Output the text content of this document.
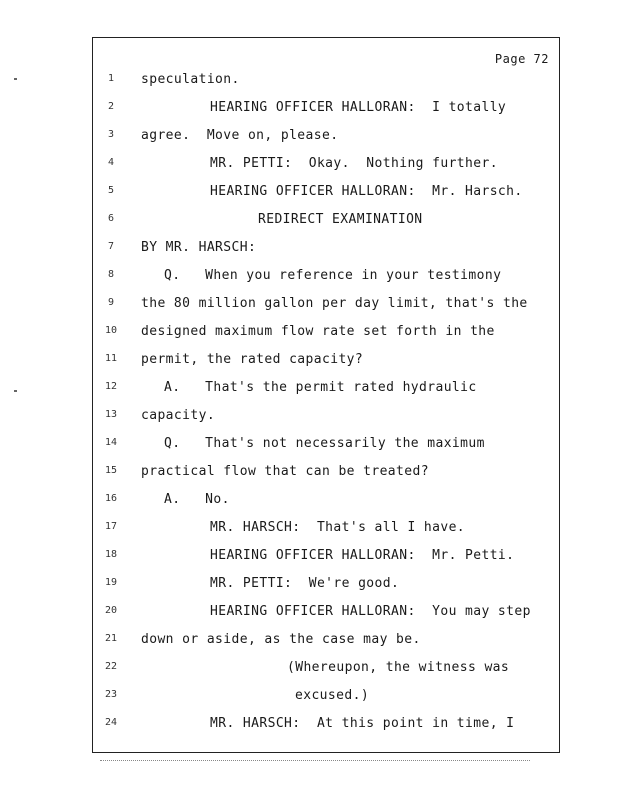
Page 72
1
2
3
4
5
6
7
8
9
10
11
12
13
14
15
16
17
18
19
20
21
22
23
24
speculation.
HEARING OFFICER HALLORAN:  I totally
agree.  Move on, please.
MR. PETTI:  Okay.  Nothing further.
HEARING OFFICER HALLORAN:  Mr. Harsch.
REDIRECT EXAMINATION
BY MR. HARSCH:
Q.   When you reference in your testimony
the 80 million gallon per day limit, that's the
designed maximum flow rate set forth in the
permit, the rated capacity?
A.   That's the permit rated hydraulic
capacity.
Q.   That's not necessarily the maximum
practical flow that can be treated?
A.   No.
MR. HARSCH:  That's all I have.
HEARING OFFICER HALLORAN:  Mr. Petti.
MR. PETTI:  We're good.
HEARING OFFICER HALLORAN:  You may step
down or aside, as the case may be.
(Whereupon, the witness was
excused.)
MR. HARSCH:  At this point in time, I
